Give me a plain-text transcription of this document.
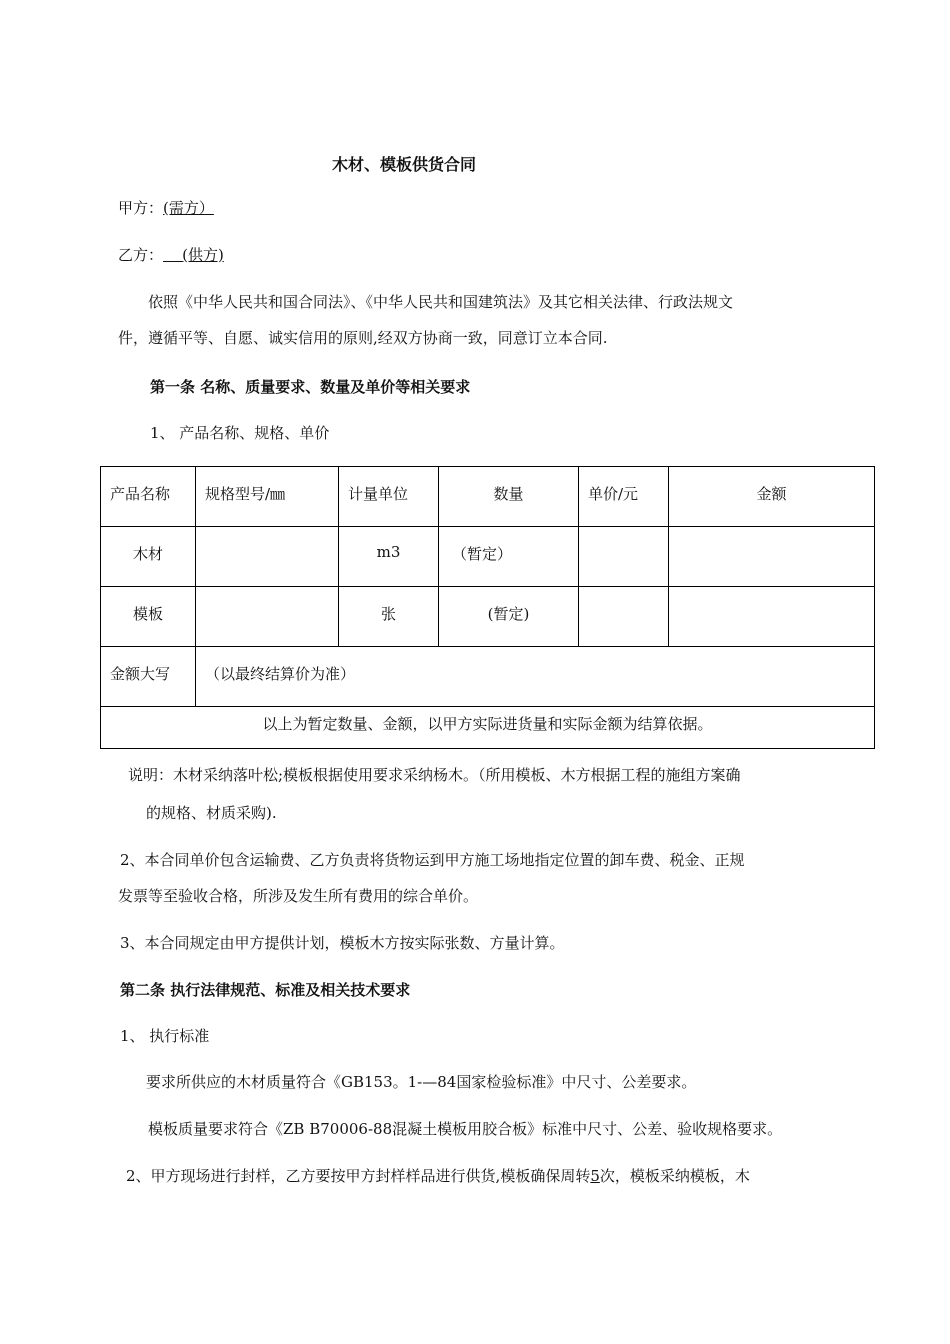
木材、模板供货合同
甲方：(需方）
乙方： (供方)
依照《中华人民共和国合同法》、《中华人民共和国建筑法》及其它相关法律、行政法规文
件，遵循平等、自愿、诚实信用的原则,经双方协商一致，同意订立本合同.
第一条 名称、质量要求、数量及单价等相关要求
1、 产品名称、规格、单价
产品名称	规格型号/㎜	计量单位	数量	单价/元	金额

木材		m3	（暂定）		

模板		张	(暂定)		

金额大写	（以最终结算价为准）				

以上为暂定数量、金额，以甲方实际进货量和实际金额为结算依据。					
说明：木材采纳落叶松;模板根据使用要求采纳杨木。（所用模板、木方根据工程的施组方案确
的规格、材质采购).
2、本合同单价包含运输费、乙方负责将货物运到甲方施工场地指定位置的卸车费、税金、正规
发票等至验收合格，所涉及发生所有费用的综合单价。
3、本合同规定由甲方提供计划，模板木方按实际张数、方量计算。
第二条 执行法律规范、标准及相关技术要求
1、 执行标准
要求所供应的木材质量符合《GB153。1-—84国家检验标准》中尺寸、公差要求。
模板质量要求符合《ZB B70006-88混凝土模板用胶合板》标准中尺寸、公差、验收规格要求。
2、甲方现场进行封样，乙方要按甲方封样样品进行供货,模板确保周转5次，模板采纳模板，木
